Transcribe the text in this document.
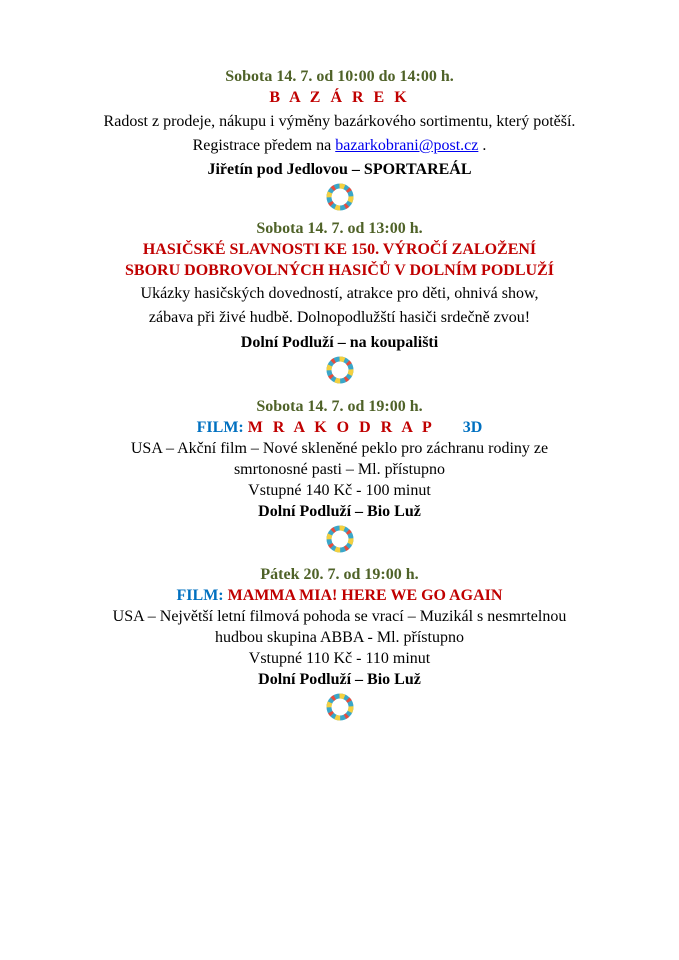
Sobota 14. 7. od 10:00 do 14:00 h.
B A Z Á R E K
Radost z prodeje, nákupu i výměny bazárkového sortimentu, který potěší.
Registrace předem na bazarkobrani@post.cz .
Jiřetín pod Jedlovou – SPORTAREÁL
Sobota 14. 7. od 13:00 h.
HASIČSKÉ SLAVNOSTI KE 150. VÝROČÍ ZALOŽENÍ
SBORU DOBROVOLNÝCH HASIČŮ V DOLNÍM PODLUŽÍ
Ukázky hasičských dovedností, atrakce pro děti, ohnivá show,
zábava při živé hudbě. Dolnopodlužští hasiči srdečně zvou!
Dolní Podluží – na koupališti
Sobota 14. 7. od 19:00 h.
FILM: M R A K O D R A P 3D
USA – Akční film – Nové skleněné peklo pro záchranu rodiny ze
smrtonosné pasti – Ml. přístupno
Vstupné 140 Kč - 100 minut
Dolní Podluží – Bio Luž
Pátek 20. 7. od 19:00 h.
FILM: MAMMA MIA! HERE WE GO AGAIN
USA – Největší letní filmová pohoda se vrací – Muzikál s nesmrtelnou
hudbou skupina ABBA - Ml. přístupno
Vstupné 110 Kč - 110 minut
Dolní Podluží – Bio Luž
